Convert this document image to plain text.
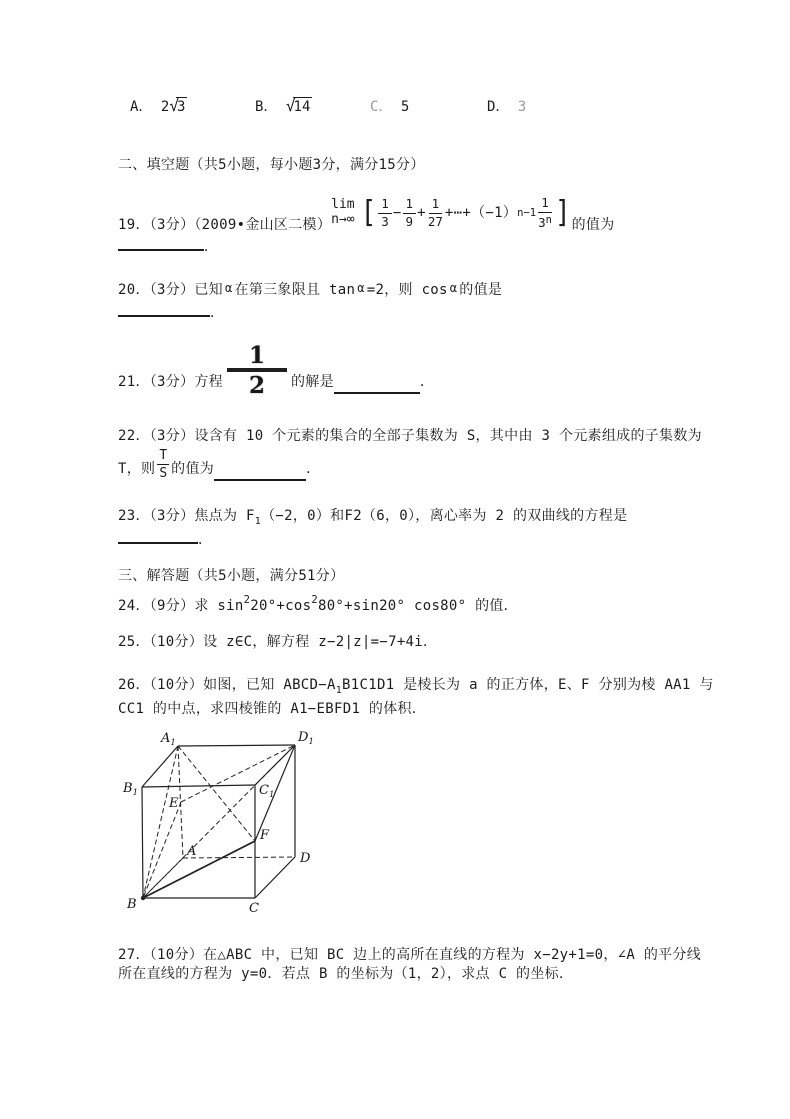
A． 2√3	B． √14	C． 5	D． 3
二、填空题（共5小题，每小题3分，满分15分）
19．（3分）（2009•金山区二模）
lim
n→∞ [ $\frac{1}{3} - \frac{1}{9} + \frac{1}{27}$ +⋯+（−1） $n-1 \frac{1}{3^n}$ ] 的值为
．
20．（3分）已知 α 在第三象限且 tan α =2，则 cos α 的值是
．
21．（3分）方程
1
2 的解是	．
22．（3分）设含有 10 个元素的集合的全部子集数为 S，其中由 3 个元素组成的子集数为
T，则
T
S 的值为	．
23．（3分）焦点为 $F_1(-2$，0）和F2（6，0），离心率为 2 的双曲线的方程是
．
三、解答题（共5小题，满分51分）
24．（9分）求 $\sin^220^\circ+\cos^280^\circ+\sin 20^\circ$ cos80° 的值．
25．（10分）设 z∈C，解方程 z−2|z|=−7+4i．
26．（10分）如图，已知 $ABCD-A_1B1C1D1$ 是棱长为 a 的正方体，E、F 分别为棱 AA1 与
CC1 的中点，求四棱锥的 A1−EBFD1 的体积．
$A_1$	$D_1$
$B_1$	$C_1$
E
A
F
D
B	C
27．（10分）在△ABC 中，已知 BC 边上的高所在直线的方程为 x−2y+1=0，∠A 的平分线
所在直线的方程为 y=0．若点 B 的坐标为（1，2），求点 C 的坐标．
